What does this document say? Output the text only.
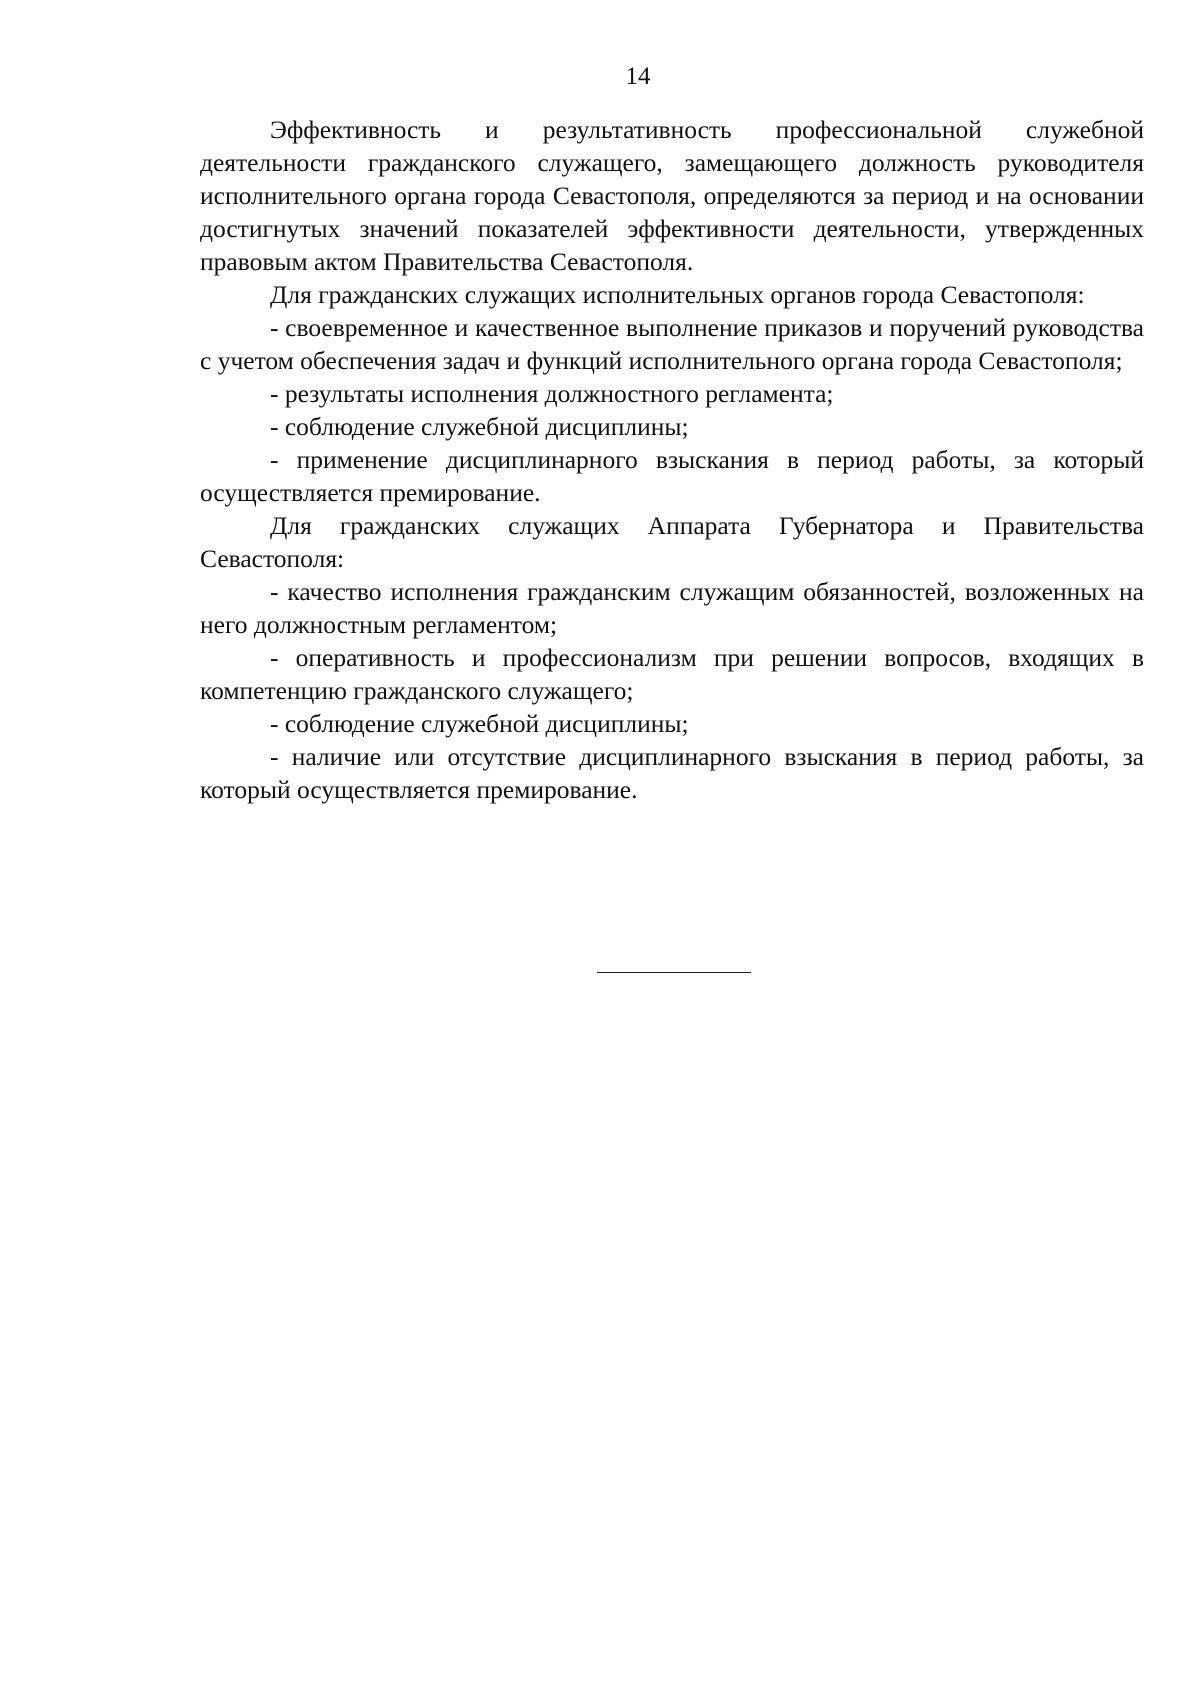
14

Эффективность и результативность профессиональной служебной деятельности гражданского служащего, замещающего должность руководителя исполнительного органа города Севастополя, определяются за период и на основании достигнутых значений показателей эффективности деятельности, утвержденных правовым актом Правительства Севастополя.

Для гражданских служащих исполнительных органов города Севастополя:

- своевременное и качественное выполнение приказов и поручений руководства с учетом обеспечения задач и функций исполнительного органа города Севастополя;

- результаты исполнения должностного регламента;

- соблюдение служебной дисциплины;

- применение дисциплинарного взыскания в период работы, за который осуществляется премирование.

Для гражданских служащих Аппарата Губернатора и Правительства Севастополя:

- качество исполнения гражданским служащим обязанностей, возложенных на него должностным регламентом;

- оперативность и профессионализм при решении вопросов, входящих в компетенцию гражданского служащего;

- соблюдение служебной дисциплины;

- наличие или отсутствие дисциплинарного взыскания в период работы, за который осуществляется премирование.
